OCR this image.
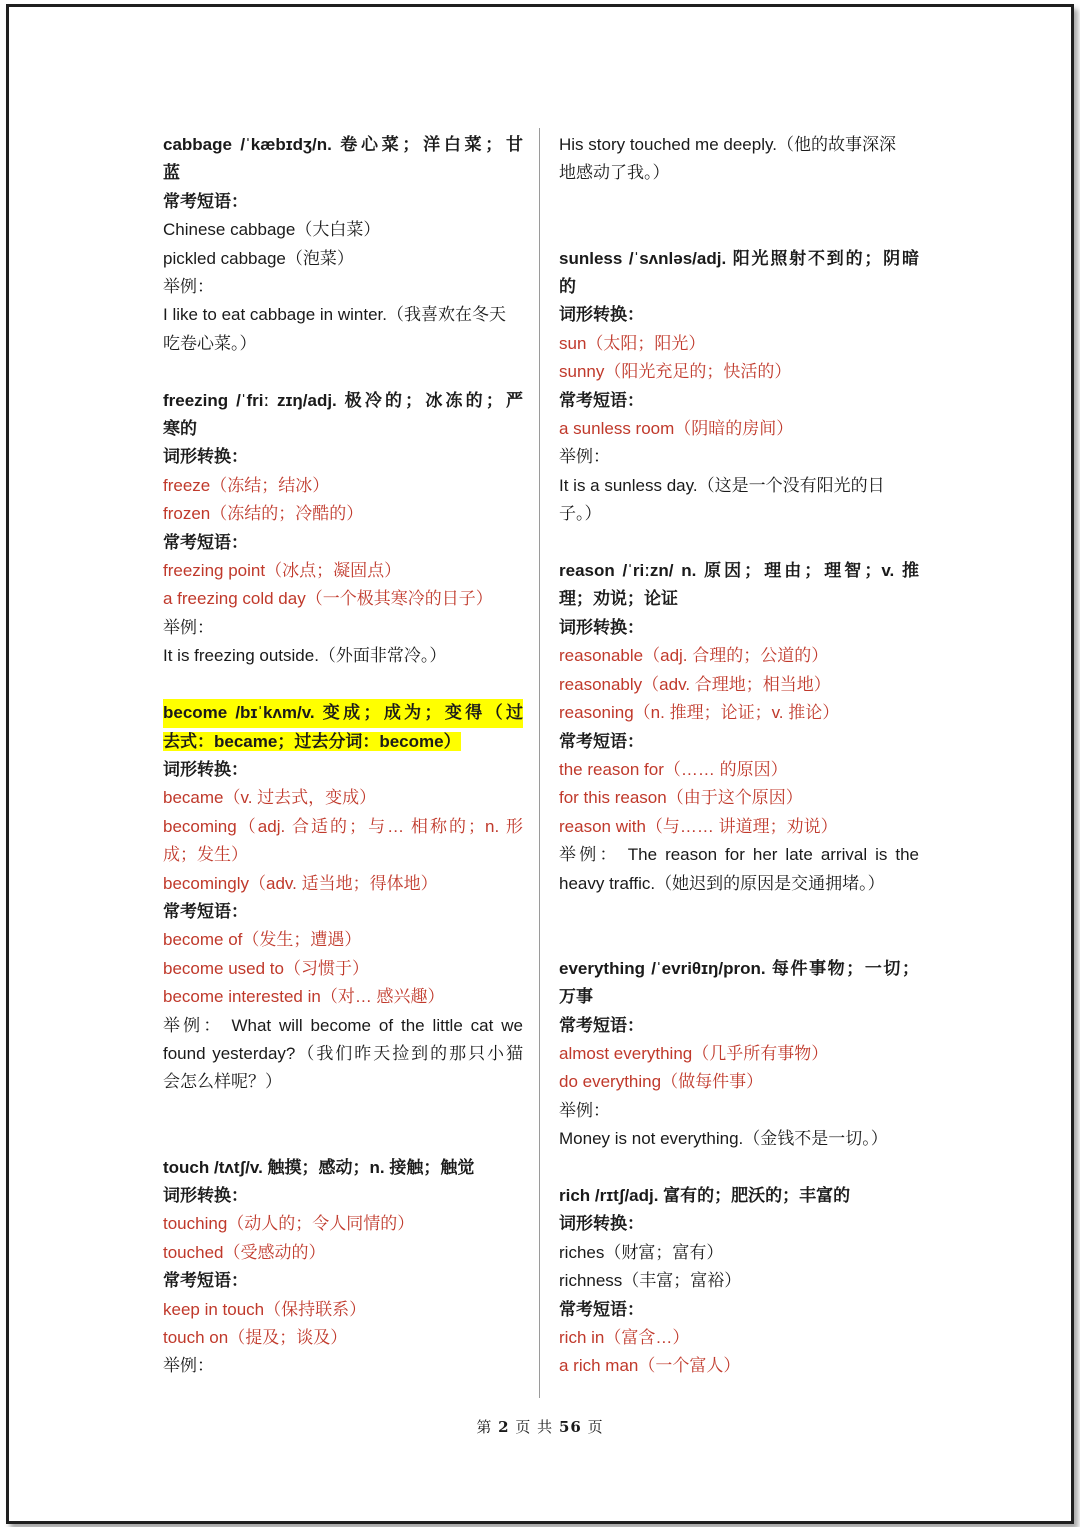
cabbage /ˈkæbɪdʒ/n. 卷心菜；洋白菜；甘
蓝
常考短语：
Chinese cabbage（大白菜）
pickled cabbage（泡菜）
举例：
I like to eat cabbage in winter.（我喜欢在冬天
吃卷心菜。）
freezing /ˈfriː zɪŋ/adj. 极冷的；冰冻的；严
寒的
词形转换：
freeze（冻结；结冰）
frozen（冻结的；冷酷的）
常考短语：
freezing point（冰点；凝固点）
a freezing cold day（一个极其寒冷的日子）
举例：
It is freezing outside.（外面非常冷。）
become /bɪˈkʌm/v. 变成；成为；变得（过
去式：became；过去分词：become）
词形转换：
became（v. 过去式，变成）
becoming（adj. 合适的；与… 相称的；n. 形
成；发生）
becomingly（adv. 适当地；得体地）
常考短语：
become of（发生；遭遇）
become used to（习惯于）
become interested in（对… 感兴趣）
举例： What will become of the little cat we
found yesterday?（我们昨天捡到的那只小猫
会怎么样呢？）
touch /tʌtʃ/v. 触摸；感动；n. 接触；触觉
词形转换：
touching（动人的；令人同情的）
touched（受感动的）
常考短语：
keep in touch（保持联系）
touch on（提及；谈及）
举例：
His story touched me deeply.（他的故事深深
地感动了我。）
sunless /ˈsʌnləs/adj. 阳光照射不到的；阴暗
的
词形转换：
sun（太阳；阳光）
sunny（阳光充足的；快活的）
常考短语：
a sunless room（阴暗的房间）
举例：
It is a sunless day.（这是一个没有阳光的日
子。）
reason /ˈriːzn/ n. 原因；理由；理智；v. 推
理；劝说；论证
词形转换：
reasonable（adj. 合理的；公道的）
reasonably（adv. 合理地；相当地）
reasoning（n. 推理；论证；v. 推论）
常考短语：
the reason for（…… 的原因）
for this reason（由于这个原因）
reason with（与…… 讲道理；劝说）
举例： The reason for her late arrival is the
heavy traffic.（她迟到的原因是交通拥堵。）
everything /ˈevriθɪŋ/pron. 每件事物；一切；
万事
常考短语：
almost everything（几乎所有事物）
do everything（做每件事）
举例：
Money is not everything.（金钱不是一切。）
rich /rɪtʃ/adj. 富有的；肥沃的；丰富的
词形转换：
riches（财富；富有）
richness（丰富；富裕）
常考短语：
rich in（富含…）
a rich man（一个富人）
第 2 页 共 56 页
